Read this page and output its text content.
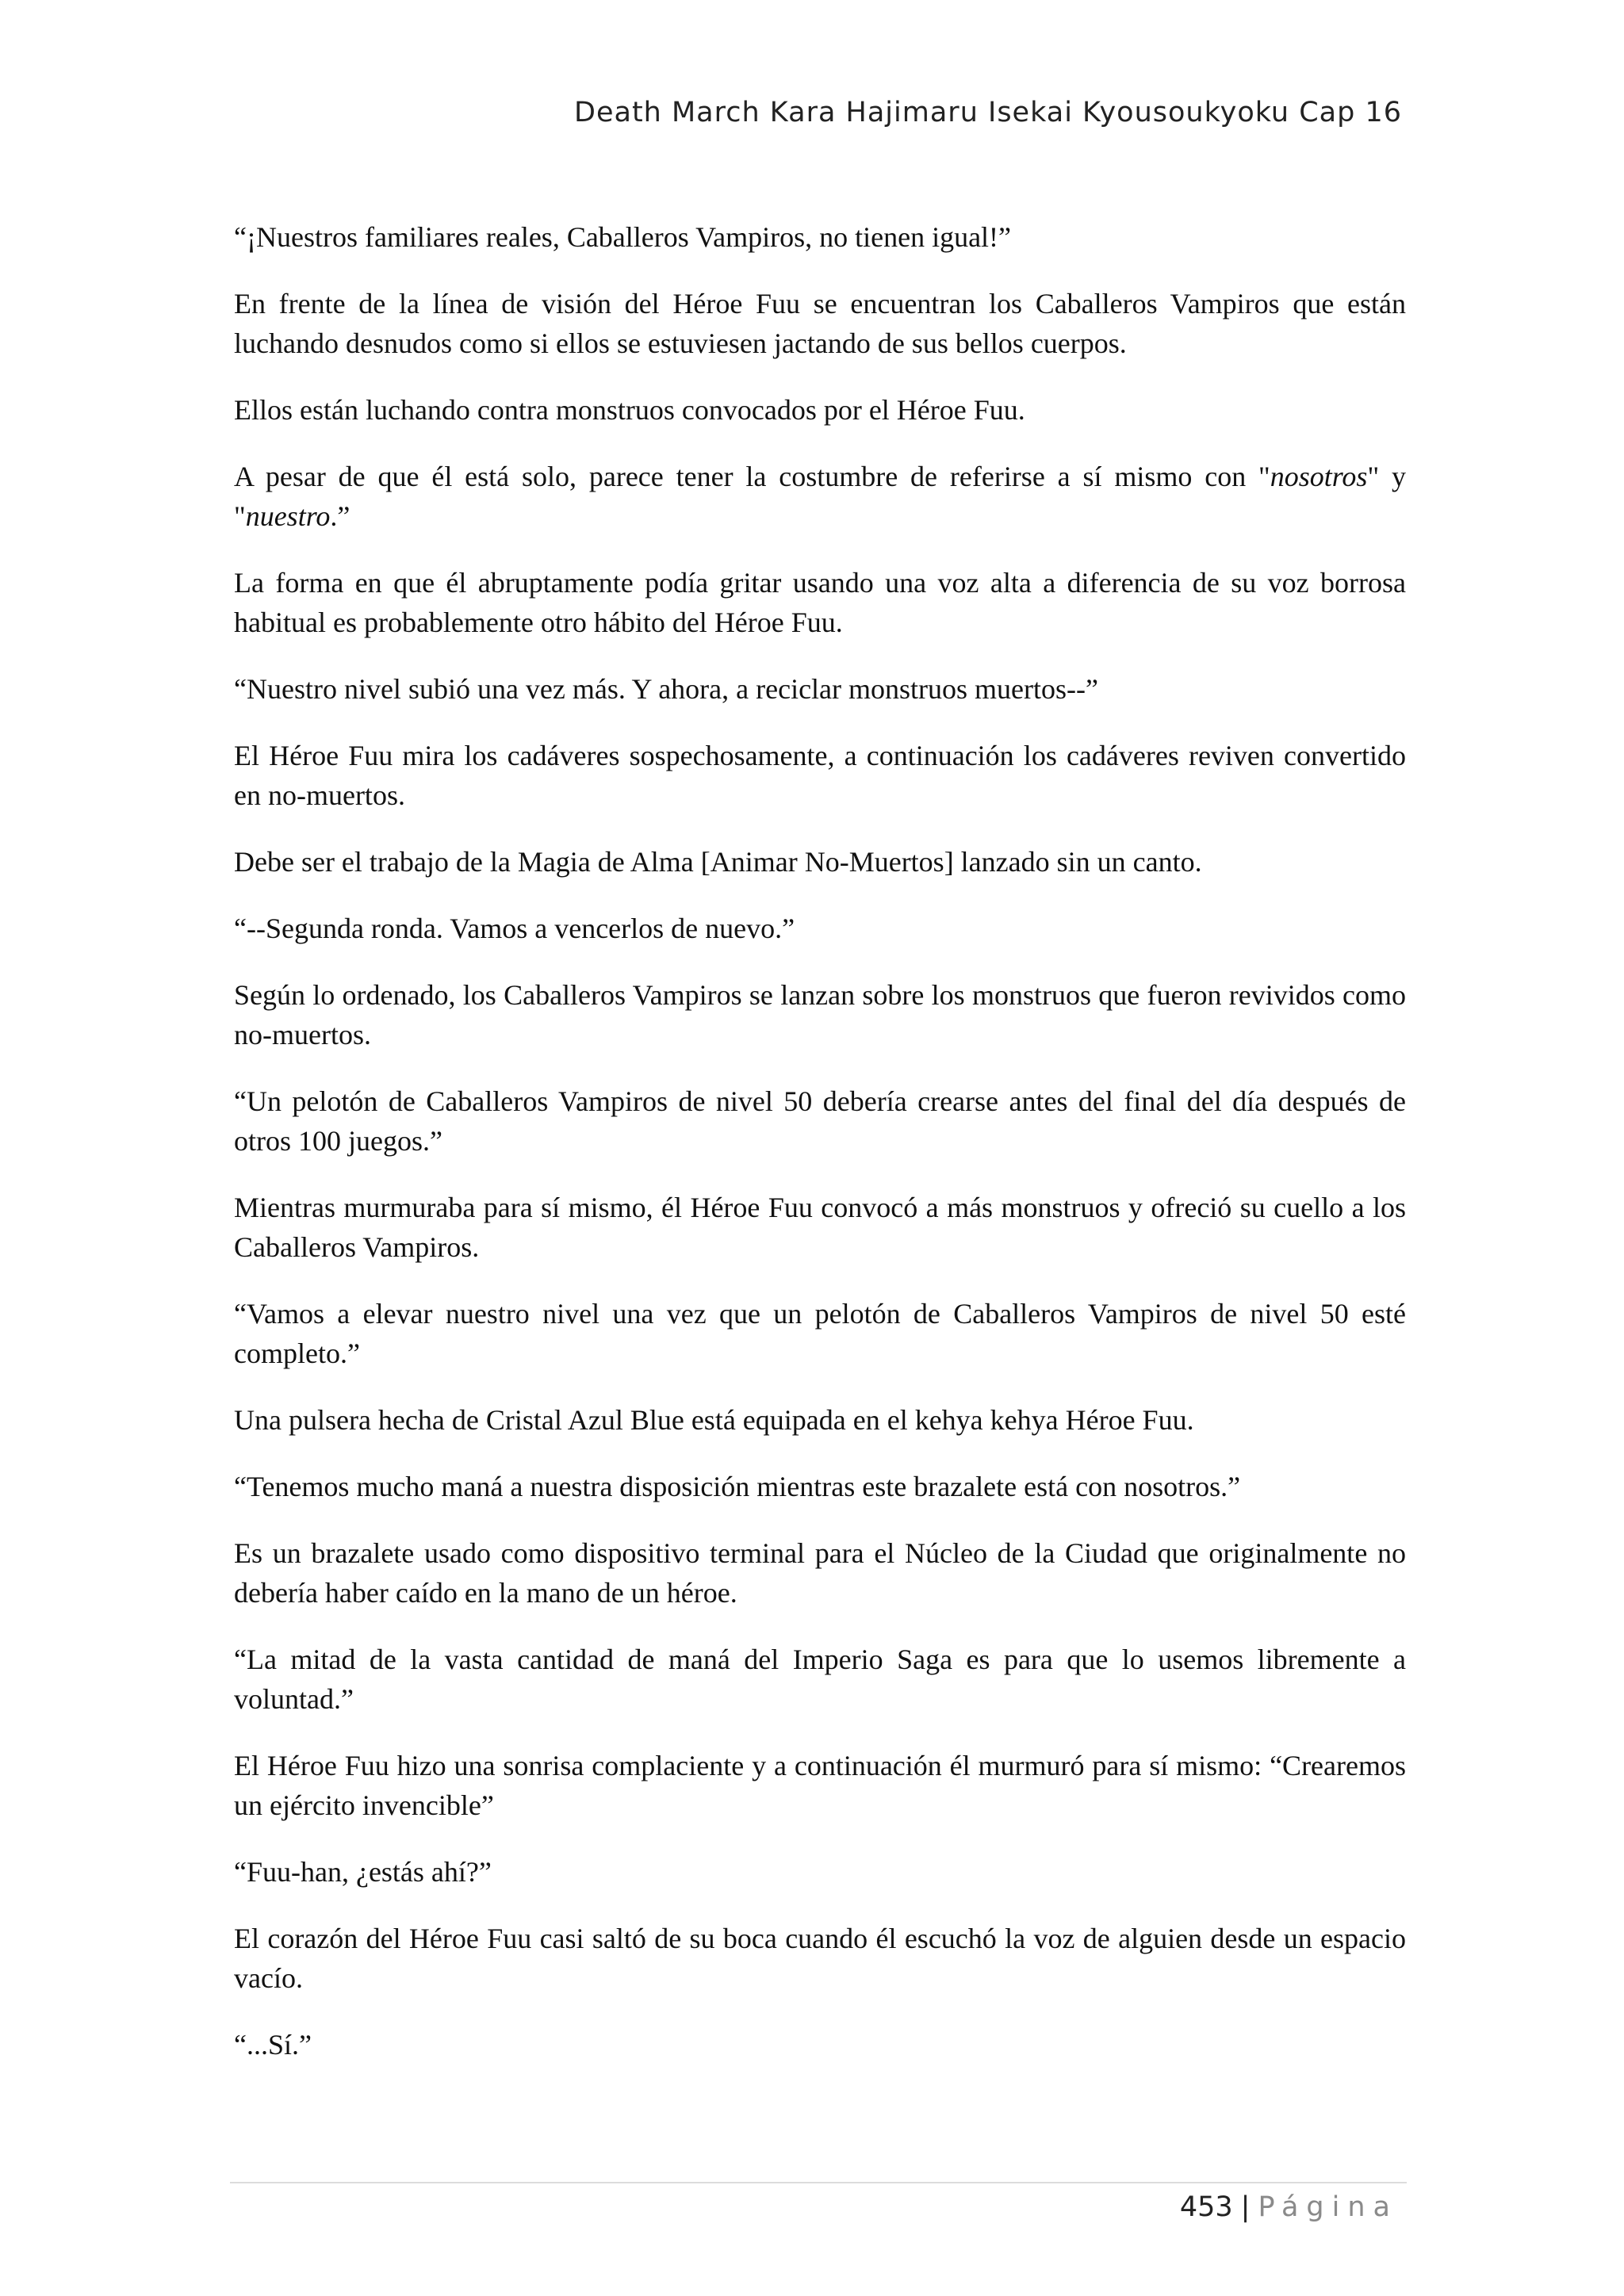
Death March Kara Hajimaru Isekai Kyousoukyoku Cap 16

“¡Nuestros familiares reales, Caballeros Vampiros, no tienen igual!”

En frente de la línea de visión del Héroe Fuu se encuentran los Caballeros Vampiros que están luchando desnudos como si ellos se estuviesen jactando de sus bellos cuerpos.

Ellos están luchando contra monstruos convocados por el Héroe Fuu.

A pesar de que él está solo, parece tener la costumbre de referirse a sí mismo con "nosotros" y "nuestro.”

La forma en que él abruptamente podía gritar usando una voz alta a diferencia de su voz borrosa habitual es probablemente otro hábito del Héroe Fuu.

“Nuestro nivel subió una vez más. Y ahora, a reciclar monstruos muertos--”

El Héroe Fuu mira los cadáveres sospechosamente, a continuación los cadáveres reviven convertido en no-muertos.

Debe ser el trabajo de la Magia de Alma [Animar No-Muertos] lanzado sin un canto.

“--Segunda ronda. Vamos a vencerlos de nuevo.”

Según lo ordenado, los Caballeros Vampiros se lanzan sobre los monstruos que fueron revividos como no-muertos.

“Un pelotón de Caballeros Vampiros de nivel 50 debería crearse antes del final del día después de otros 100 juegos.”

Mientras murmuraba para sí mismo, él Héroe Fuu convocó a más monstruos y ofreció su cuello a los Caballeros Vampiros.

“Vamos a elevar nuestro nivel una vez que un pelotón de Caballeros Vampiros de nivel 50 esté completo.”

Una pulsera hecha de Cristal Azul Blue está equipada en el kehya kehya Héroe Fuu.

“Tenemos mucho maná a nuestra disposición mientras este brazalete está con nosotros.”

Es un brazalete usado como dispositivo terminal para el Núcleo de la Ciudad que originalmente no debería haber caído en la mano de un héroe.

“La mitad de la vasta cantidad de maná del Imperio Saga es para que lo usemos libremente a voluntad.”

El Héroe Fuu hizo una sonrisa complaciente y a continuación él murmuró para sí mismo: “Crearemos un ejército invencible”

“Fuu-han, ¿estás ahí?”

El corazón del Héroe Fuu casi saltó de su boca cuando él escuchó la voz de alguien desde un espacio vacío.

“...Sí.”

453 | Página
